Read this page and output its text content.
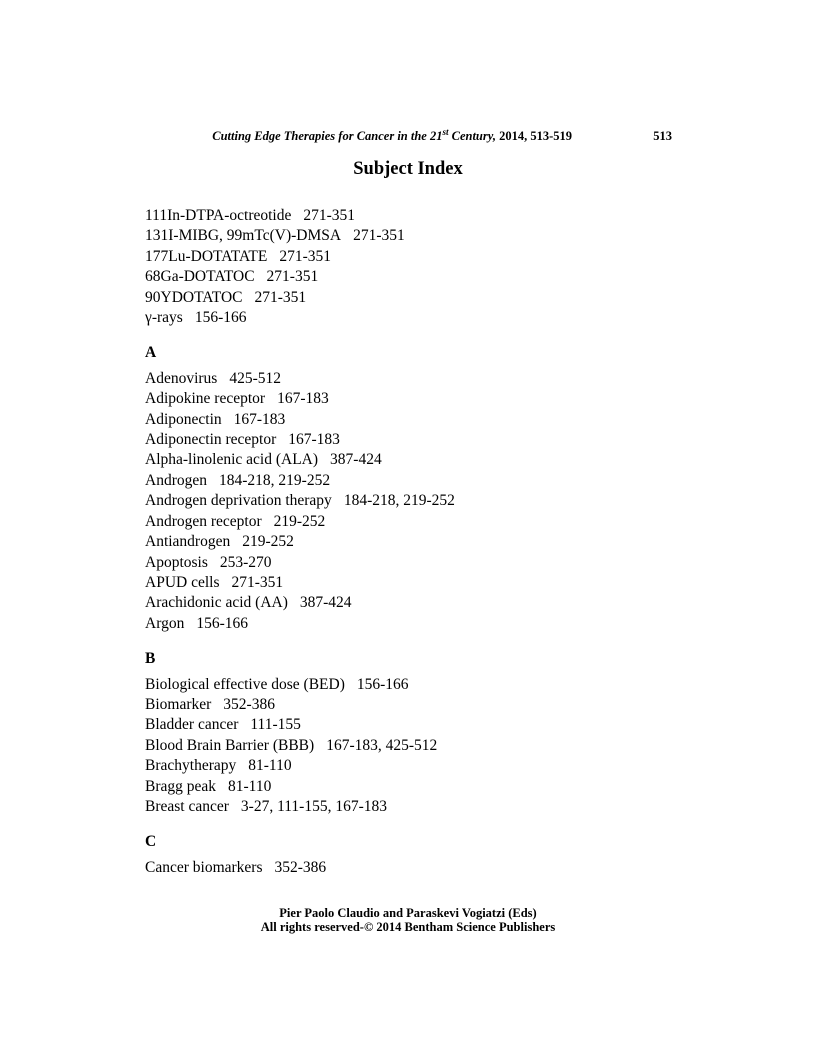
Cutting Edge Therapies for Cancer in the 21st Century, 2014, 513-519	513
Subject Index
111In-DTPA-octreotide 271-351
131I-MIBG, 99mTc(V)-DMSA 271-351
177Lu-DOTATATE 271-351
68Ga-DOTATOC 271-351
90YDOTATOC 271-351
γ-rays 156-166
A
Adenovirus 425-512
Adipokine receptor 167-183
Adiponectin 167-183
Adiponectin receptor 167-183
Alpha-linolenic acid (ALA) 387-424
Androgen 184-218, 219-252
Androgen deprivation therapy 184-218, 219-252
Androgen receptor 219-252
Antiandrogen 219-252
Apoptosis 253-270
APUD cells 271-351
Arachidonic acid (AA) 387-424
Argon 156-166
B
Biological effective dose (BED) 156-166
Biomarker 352-386
Bladder cancer 111-155
Blood Brain Barrier (BBB) 167-183, 425-512
Brachytherapy 81-110
Bragg peak 81-110
Breast cancer 3-27, 111-155, 167-183
C
Cancer biomarkers 352-386
Pier Paolo Claudio and Paraskevi Vogiatzi (Eds)
All rights reserved-© 2014 Bentham Science Publishers
